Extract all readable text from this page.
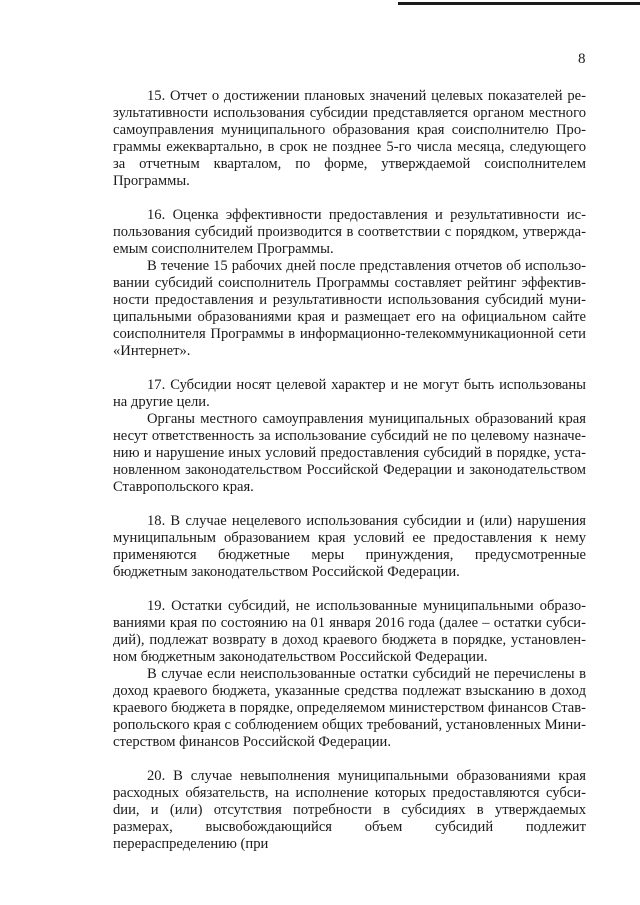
8

15. Отчет о достижении плановых значений целевых показателей результативности использования субсидии представляется органом местного самоуправления муниципального образования края соисполнителю Программы ежеквартально, в срок не позднее 5-го числа месяца, следующего за отчетным кварталом, по форме, утверждаемой соисполнителем Программы.

16. Оценка эффективности предоставления и результативности использования субсидий производится в соответствии с порядком, утверждаемым соисполнителем Программы.

В течение 15 рабочих дней после представления отчетов об использовании субсидий соисполнитель Программы составляет рейтинг эффективности предоставления и результативности использования субсидий муниципальными образованиями края и размещает его на официальном сайте соисполнителя Программы в информационно-телекоммуникационной сети «Интернет».

17. Субсидии носят целевой характер и не могут быть использованы на другие цели.

Органы местного самоуправления муниципальных образований края несут ответственность за использование субсидий не по целевому назначению и нарушение иных условий предоставления субсидий в порядке, установленном законодательством Российской Федерации и законодательством Ставропольского края.

18. В случае нецелевого использования субсидии и (или) нарушения муниципальным образованием края условий ее предоставления к нему применяются бюджетные меры принуждения, предусмотренные бюджетным законодательством Российской Федерации.

19. Остатки субсидий, не использованные муниципальными образованиями края по состоянию на 01 января 2016 года (далее – остатки субсидий), подлежат возврату в доход краевого бюджета в порядке, установленном бюджетным законодательством Российской Федерации.

В случае если неиспользованные остатки субсидий не перечислены в доход краевого бюджета, указанные средства подлежат взысканию в доход краевого бюджета в порядке, определяемом министерством финансов Ставропольского края с соблюдением общих требований, установленных Министерством финансов Российской Федерации.

20. В случае невыполнения муниципальными образованиями края расходных обязательств, на исполнение которых предоставляются субсиdии, и (или) отсутствия потребности в субсидиях в утверждаемых размерах, высвобождающийся объем субсидий подлежит перераспределению (при
